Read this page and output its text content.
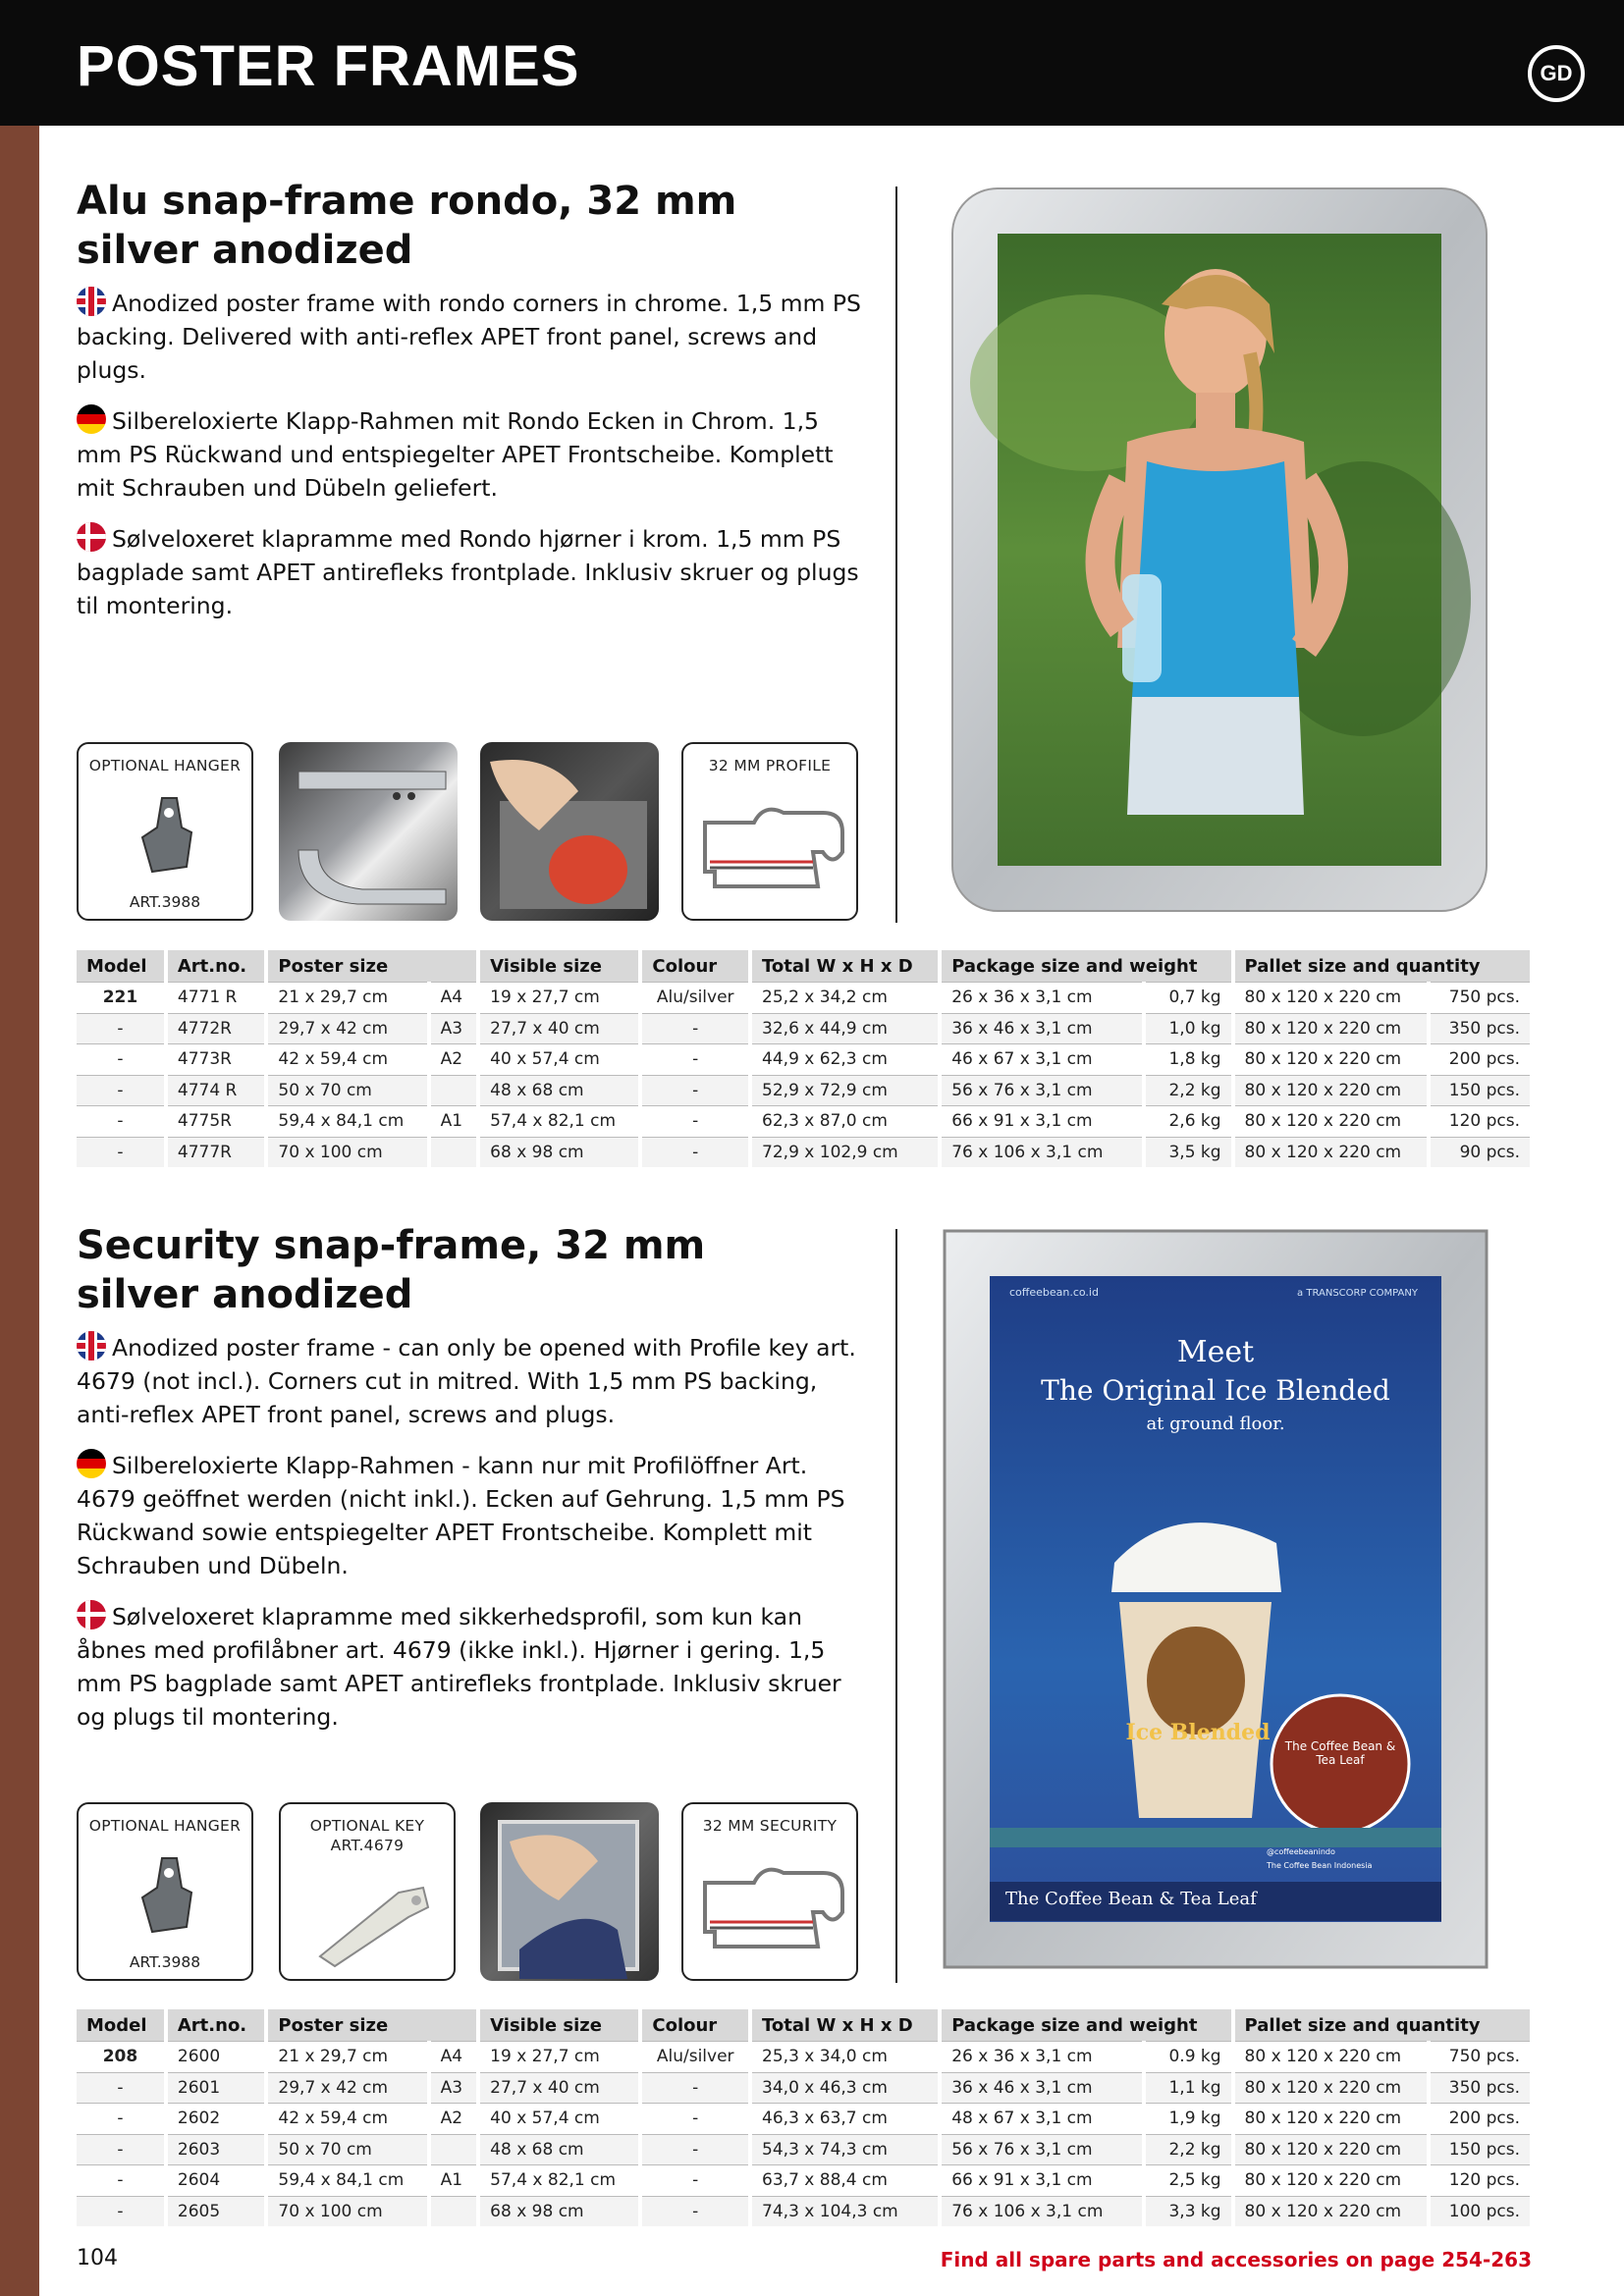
POSTER FRAMES	GD
Alu snap-frame rondo, 32 mm
silver anodized
Anodized poster frame with rondo corners in chrome. 1,5 mm PS backing. Delivered with anti-reflex APET front panel, screws and plugs.
Silbereloxierte Klapp-Rahmen mit Rondo Ecken in Chrom. 1,5 mm PS Rückwand und entspiegelter APET Frontscheibe. Komplett mit Schrauben und Dübeln geliefert.
Sølveloxeret klapramme med Rondo hjørner i krom. 1,5 mm PS bagplade samt APET antirefleks frontplade. Inklusiv skruer og plugs til montering.
OPTIONAL HANGER
ART.3988
32 MM PROFILE
Model	Art.no.	Poster size		Visible size	Colour	Total W x H x D	Package size and weight		Pallet size and quantity	
221	4771 R	21 x 29,7 cm	A4	19 x 27,7 cm	Alu/silver	25,2 x 34,2 cm	26 x 36 x 3,1 cm	0,7 kg	80 x 120 x 220 cm	750 pcs.
-	4772R	29,7 x 42 cm	A3	27,7 x 40 cm	-	32,6 x 44,9 cm	36 x 46 x 3,1 cm	1,0 kg	80 x 120 x 220 cm	350 pcs.
-	4773R	42 x 59,4 cm	A2	40 x 57,4 cm	-	44,9 x 62,3 cm	46 x 67 x 3,1 cm	1,8 kg	80 x 120 x 220 cm	200 pcs.
-	4774 R	50 x 70 cm		48 x 68 cm	-	52,9 x 72,9 cm	56 x 76 x 3,1 cm	2,2 kg	80 x 120 x 220 cm	150 pcs.
-	4775R	59,4 x 84,1 cm	A1	57,4 x 82,1 cm	-	62,3 x 87,0 cm	66 x 91 x 3,1 cm	2,6 kg	80 x 120 x 220 cm	120 pcs.
-	4777R	70 x 100 cm		68 x 98 cm	-	72,9 x 102,9 cm	76 x 106 x 3,1 cm	3,5 kg	80 x 120 x 220 cm	90 pcs.
Security snap-frame, 32 mm
silver anodized
Anodized poster frame - can only be opened with Profile key art. 4679 (not incl.). Corners cut in mitred. With 1,5 mm PS backing, anti-reflex APET front panel, screws and plugs.
Silbereloxierte Klapp-Rahmen - kann nur mit Profilöffner Art. 4679 geöffnet werden (nicht inkl.). Ecken auf Gehrung. 1,5 mm PS Rückwand sowie entspiegelter APET Frontscheibe. Komplett mit Schrauben und Dübeln.
Sølveloxeret klapramme med sikkerhedsprofil, som kun kan åbnes med profilåbner art. 4679 (ikke inkl.). Hjørner i gering. 1,5 mm PS bagplade samt APET antirefleks frontplade. Inklusiv skruer og plugs til montering.
coffeebean.co.id	a TRANSCORP COMPANY
Meet
The Original Ice Blended
at ground floor.
Ice Blended
The Coffee Bean & Tea Leaf
@coffeebeanindo
The Coffee Bean Indonesia
The Coffee Bean & Tea Leaf
OPTIONAL HANGER
ART.3988
OPTIONAL KEY
ART.4679
32 MM SECURITY
Model	Art.no.	Poster size		Visible size	Colour	Total W x H x D	Package size and weight		Pallet size and quantity	
208	2600	21 x 29,7 cm	A4	19 x 27,7 cm	Alu/silver	25,3 x 34,0 cm	26 x 36 x 3,1 cm	0.9 kg	80 x 120 x 220 cm	750 pcs.
-	2601	29,7 x 42 cm	A3	27,7 x 40 cm	-	34,0 x 46,3 cm	36 x 46 x 3,1 cm	1,1 kg	80 x 120 x 220 cm	350 pcs.
-	2602	42 x 59,4 cm	A2	40 x 57,4 cm	-	46,3 x 63,7 cm	48 x 67 x 3,1 cm	1,9 kg	80 x 120 x 220 cm	200 pcs.
-	2603	50 x 70 cm		48 x 68 cm	-	54,3 x 74,3 cm	56 x 76 x 3,1 cm	2,2 kg	80 x 120 x 220 cm	150 pcs.
-	2604	59,4 x 84,1 cm	A1	57,4 x 82,1 cm	-	63,7 x 88,4 cm	66 x 91 x 3,1 cm	2,5 kg	80 x 120 x 220 cm	120 pcs.
-	2605	70 x 100 cm		68 x 98 cm	-	74,3 x 104,3 cm	76 x 106 x 3,1 cm	3,3 kg	80 x 120 x 220 cm	100 pcs.
104	Find all spare parts and accessories on page 254-263
